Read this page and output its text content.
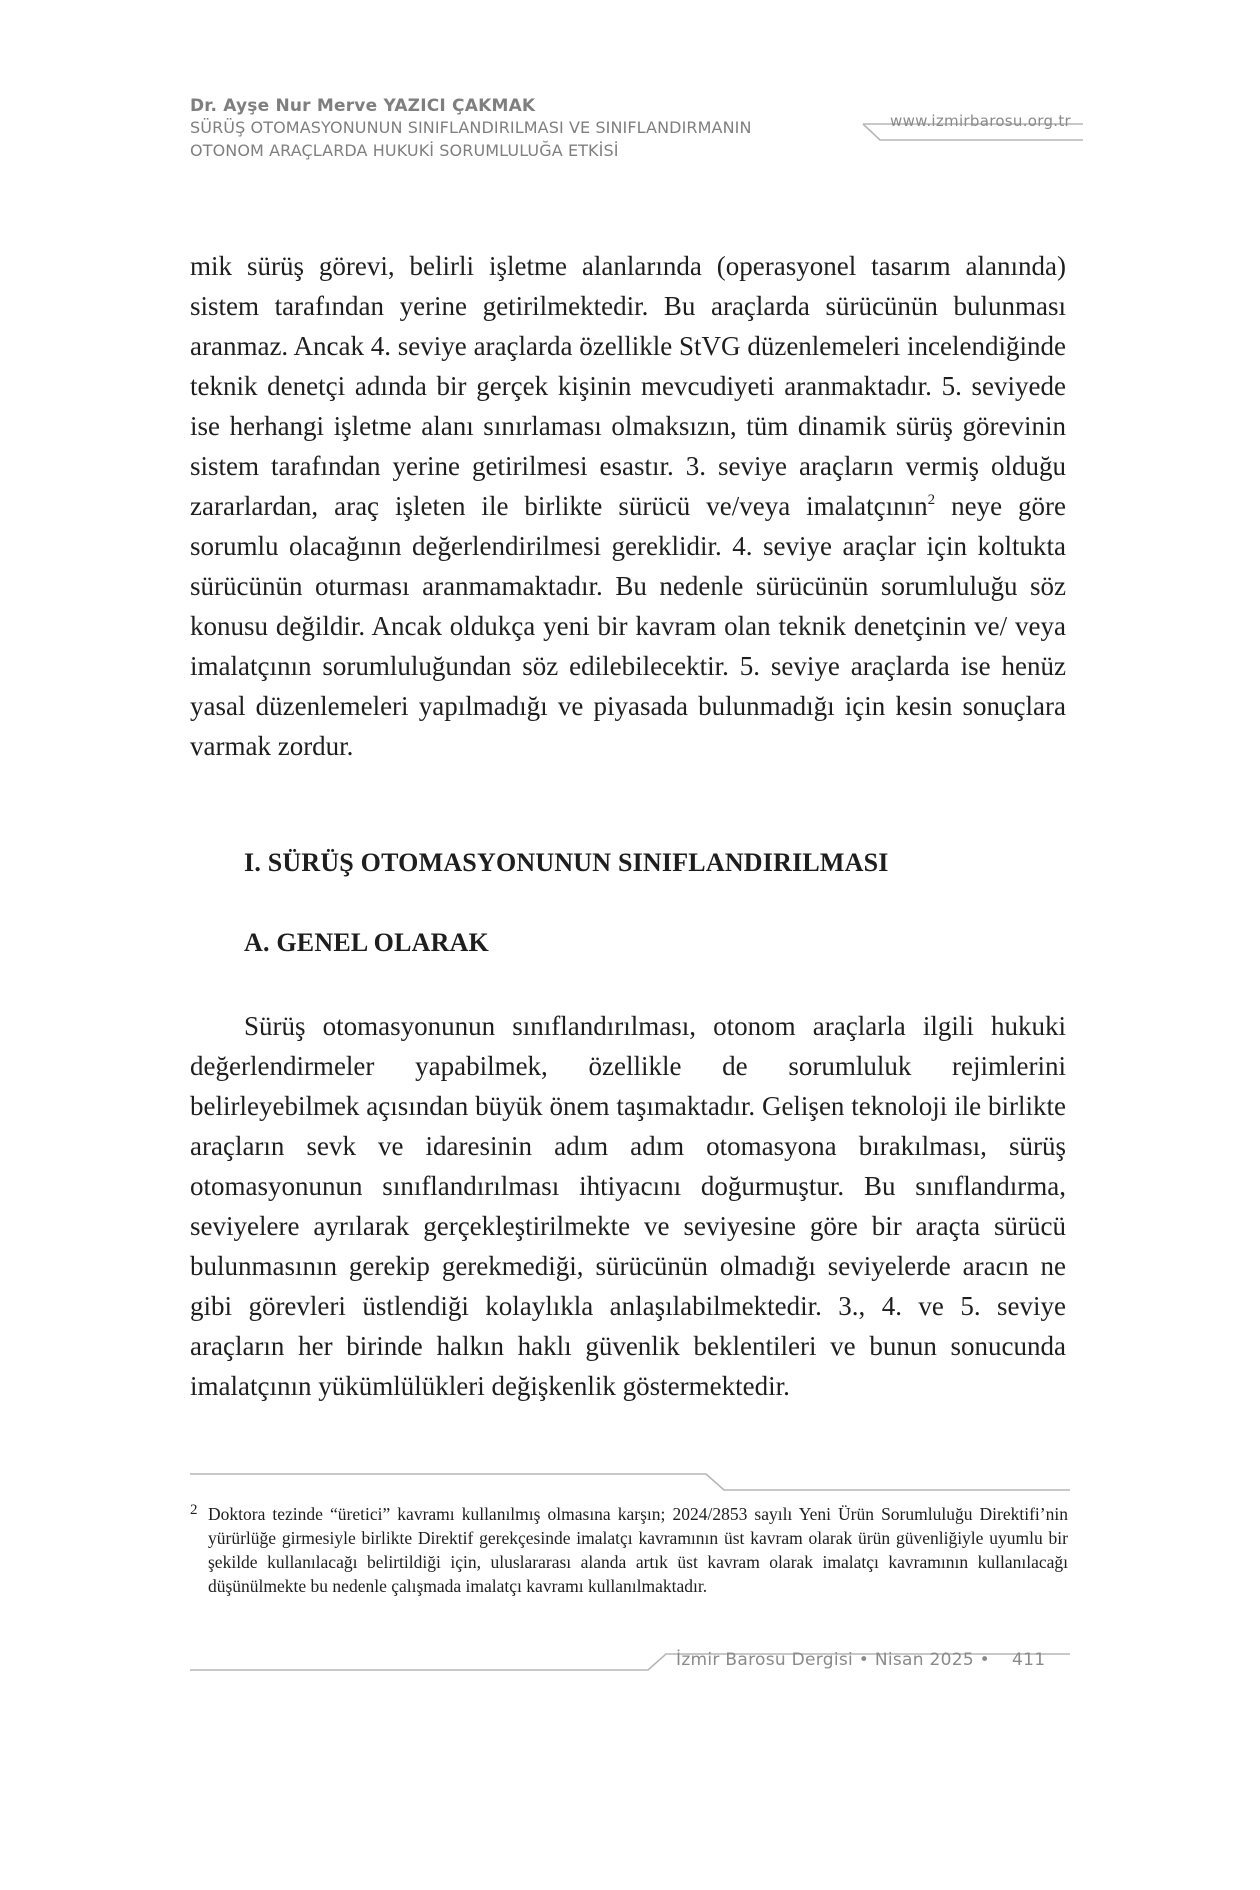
Dr. Ayşe Nur Merve YAZICI ÇAKMAK
SÜRÜŞ OTOMASYONUNUN SINIFLANDIRILMASI VE SINIFLANDIRMANIN
OTONOM ARAÇLARDA HUKUKİ SORUMLULUĞA ETKİSİ
www.izmirbarosu.org.tr

mik sürüş görevi, belirli işletme alanlarında (operasyonel tasarım alanında) sistem tarafından yerine getirilmektedir. Bu araçlarda sürücünün bulunması aranmaz. Ancak 4. seviye araçlarda özellikle StVG düzenlemeleri incelendiğinde teknik denetçi adında bir gerçek kişinin mevcudiyeti aranmaktadır. 5. seviyede ise herhangi işletme alanı sınırlaması olmaksızın, tüm dinamik sürüş görevinin sistem tarafından yerine getirilmesi esastır. 3. seviye araçların vermiş olduğu zararlardan, araç işleten ile birlikte sürücü ve/veya imalatçının$^2$ neye göre sorumlu olacağının değerlendirilmesi gereklidir. 4. seviye araçlar için koltukta sürücünün oturması aranmamaktadır. Bu nedenle sürücünün sorumluluğu söz konusu değildir. Ancak oldukça yeni bir kavram olan teknik denetçinin ve/ veya imalatçının sorumluluğundan söz edilebilecektir. 5. seviye araçlarda ise henüz yasal düzenlemeleri yapılmadığı ve piyasada bulunmadığı için kesin sonuçlara varmak zordur.

I. SÜRÜŞ OTOMASYONUNUN SINIFLANDIRILMASI
A. GENEL OLARAK

Sürüş otomasyonunun sınıflandırılması, otonom araçlarla ilgili hukuki değerlendirmeler yapabilmek, özellikle de sorumluluk rejimlerini belirleyebilmek açısından büyük önem taşımaktadır. Gelişen teknoloji ile birlikte araçların sevk ve idaresinin adım adım otomasyona bırakılması, sürüş otomasyonunun sınıflandırılması ihtiyacını doğurmuştur. Bu sınıflandırma, seviyelere ayrılarak gerçekleştirilmekte ve seviyesine göre bir araçta sürücü bulunmasının gerekip gerekmediği, sürücünün olmadığı seviyelerde aracın ne gibi görevleri üstlendiği kolaylıkla anlaşılabilmektedir. 3., 4. ve 5. seviye araçların her birinde halkın haklı güvenlik beklentileri ve bunun sonucunda imalatçının yükümlülükleri değişkenlik göstermektedir.

2 Doktora tezinde “üretici” kavramı kullanılmış olmasına karşın; 2024/2853 sayılı Yeni Ürün Sorumluluğu Direktifi’nin yürürlüğe girmesiyle birlikte Direktif gerekçesinde imalatçı kavramının üst kavram olarak ürün güvenliğiyle uyumlu bir şekilde kullanılacağı belirtildiği için, uluslararası alanda artık üst kavram olarak imalatçı kavramının kullanılacağı düşünülmekte bu nedenle çalışmada imalatçı kavramı kullanılmaktadır.
İzmir Barosu Dergisi • Nisan 2025 • 411
